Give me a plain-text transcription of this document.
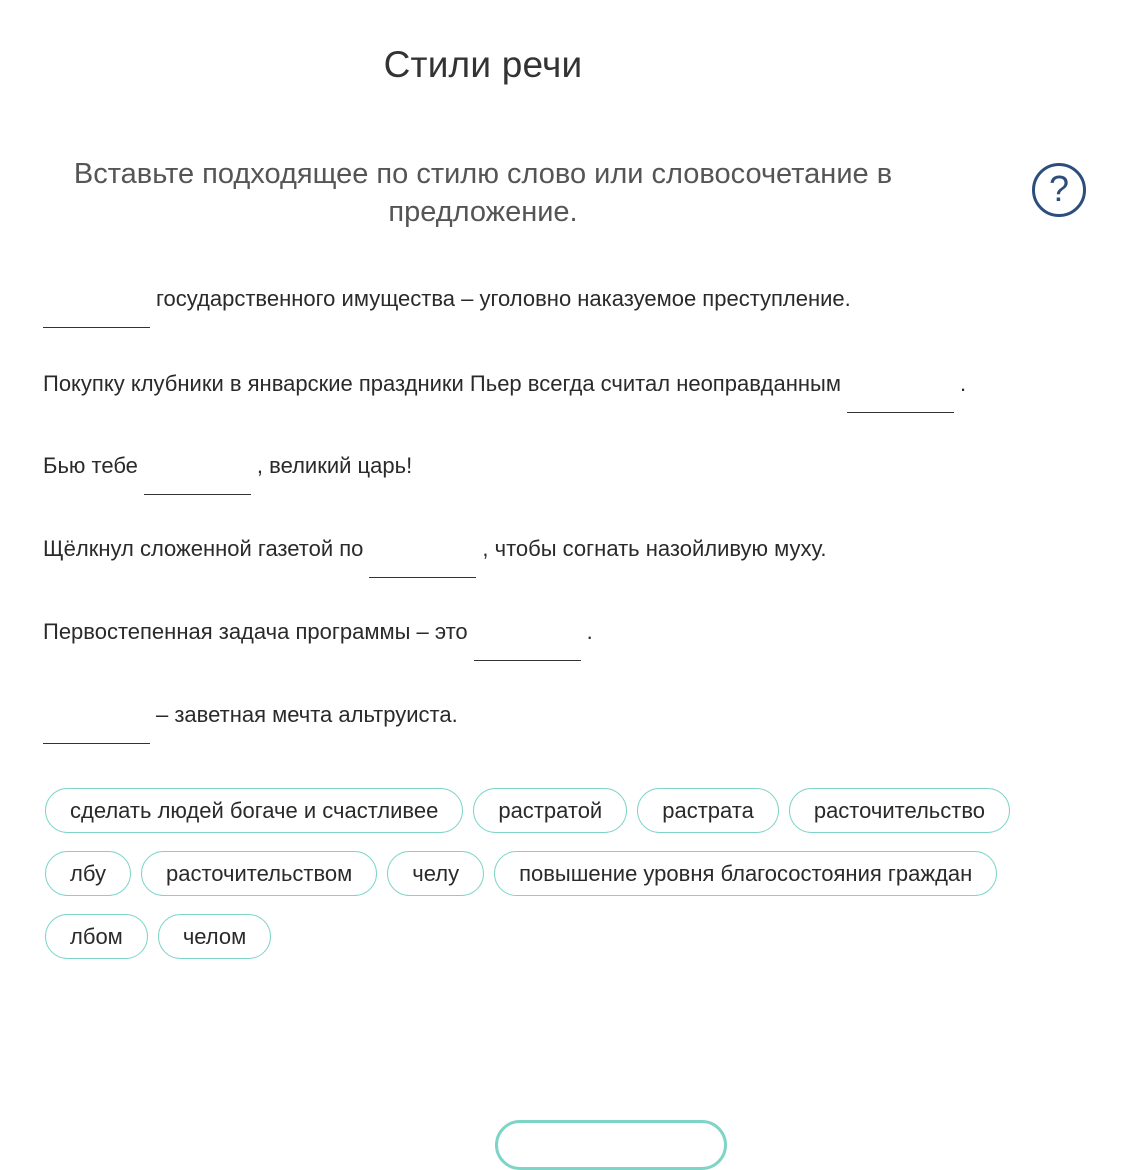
Стили речи
Вставьте подходящее по стилю слово или словосочетание в предложение.
?
государственного имущества – уголовно наказуемое преступление.
Покупку клубники в январские праздники Пьер всегда считал неоправданным	.
Бью тебе	, великий царь!
Щёлкнул сложенной газетой по	, чтобы согнать назойливую муху.
Первостепенная задача программы – это	.
– заветная мечта альтруиста.
сделать людей богаче и счастливее	растратой	растрата	расточительство
лбу	расточительством	челу	повышение уровня благосостояния граждан
лбом	челом
